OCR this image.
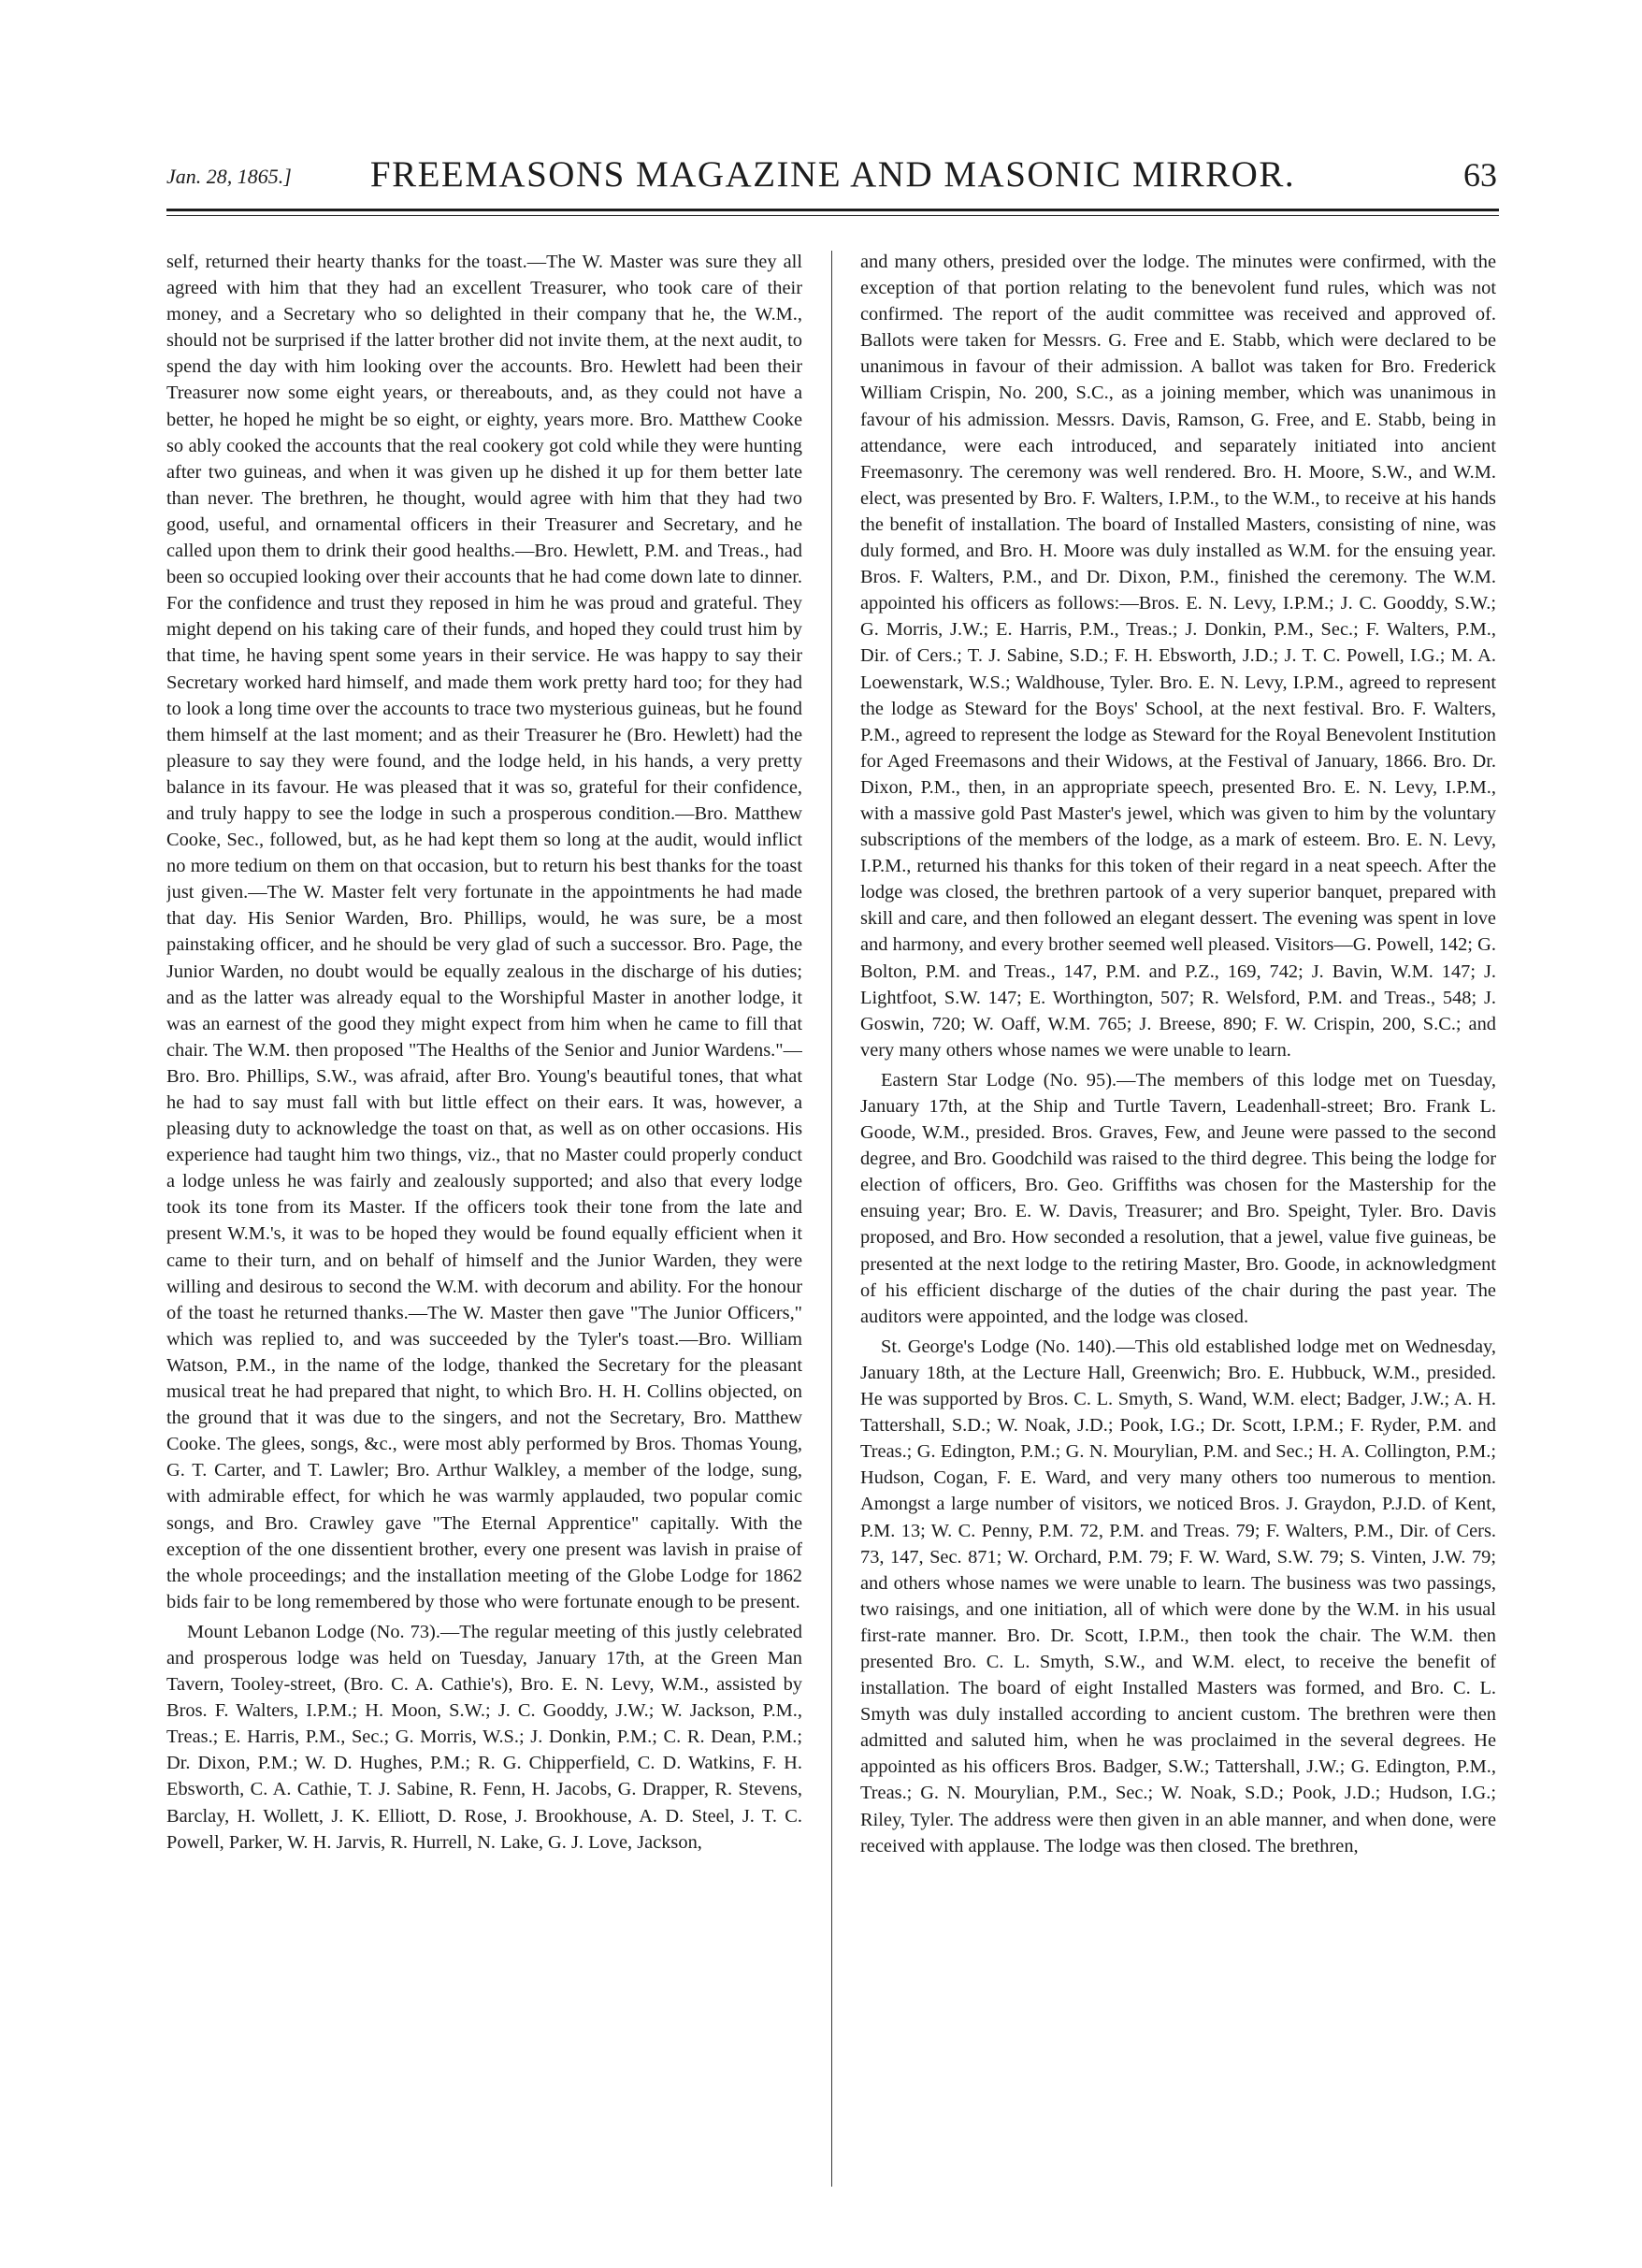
Jan. 28, 1865.]	FREEMASONS MAGAZINE AND MASONIC MIRROR.	63

self, returned their hearty thanks for the toast.—The W. Master was sure they all agreed with him that they had an excellent Treasurer, who took care of their money, and a Secretary who so delighted in their company that he, the W.M., should not be surprised if the latter brother did not invite them, at the next audit, to spend the day with him looking over the accounts. Bro. Hewlett had been their Treasurer now some eight years, or thereabouts, and, as they could not have a better, he hoped he might be so eight, or eighty, years more. Bro. Matthew Cooke so ably cooked the accounts that the real cookery got cold while they were hunting after two guineas, and when it was given up he dished it up for them better late than never. The brethren, he thought, would agree with him that they had two good, useful, and ornamental officers in their Treasurer and Secretary, and he called upon them to drink their good healths.—Bro. Hewlett, P.M. and Treas., had been so occupied looking over their accounts that he had come down late to dinner. For the confidence and trust they reposed in him he was proud and grateful. They might depend on his taking care of their funds, and hoped they could trust him by that time, he having spent some years in their service. He was happy to say their Secretary worked hard himself, and made them work pretty hard too; for they had to look a long time over the accounts to trace two mysterious guineas, but he found them himself at the last moment; and as their Treasurer he (Bro. Hewlett) had the pleasure to say they were found, and the lodge held, in his hands, a very pretty balance in its favour. He was pleased that it was so, grateful for their confidence, and truly happy to see the lodge in such a prosperous condition.—Bro. Matthew Cooke, Sec., followed, but, as he had kept them so long at the audit, would inflict no more tedium on them on that occasion, but to return his best thanks for the toast just given.—The W. Master felt very fortunate in the appointments he had made that day. His Senior Warden, Bro. Phillips, would, he was sure, be a most painstaking officer, and he should be very glad of such a successor. Bro. Page, the Junior Warden, no doubt would be equally zealous in the discharge of his duties; and as the latter was already equal to the Worshipful Master in another lodge, it was an earnest of the good they might expect from him when he came to fill that chair. The W.M. then proposed "The Healths of the Senior and Junior Wardens."—Bro. Bro. Phillips, S.W., was afraid, after Bro. Young's beautiful tones, that what he had to say must fall with but little effect on their ears. It was, however, a pleasing duty to acknowledge the toast on that, as well as on other occasions. His experience had taught him two things, viz., that no Master could properly conduct a lodge unless he was fairly and zealously supported; and also that every lodge took its tone from its Master. If the officers took their tone from the late and present W.M.'s, it was to be hoped they would be found equally efficient when it came to their turn, and on behalf of himself and the Junior Warden, they were willing and desirous to second the W.M. with decorum and ability. For the honour of the toast he returned thanks.—The W. Master then gave "The Junior Officers," which was replied to, and was succeeded by the Tyler's toast.—Bro. William Watson, P.M., in the name of the lodge, thanked the Secretary for the pleasant musical treat he had prepared that night, to which Bro. H. H. Collins objected, on the ground that it was due to the singers, and not the Secretary, Bro. Matthew Cooke. The glees, songs, &c., were most ably performed by Bros. Thomas Young, G. T. Carter, and T. Lawler; Bro. Arthur Walkley, a member of the lodge, sung, with admirable effect, for which he was warmly applauded, two popular comic songs, and Bro. Crawley gave "The Eternal Apprentice" capitally. With the exception of the one dissentient brother, every one present was lavish in praise of the whole proceedings; and the installation meeting of the Globe Lodge for 1862 bids fair to be long remembered by those who were fortunate enough to be present.

Mount Lebanon Lodge (No. 73).—The regular meeting of this justly celebrated and prosperous lodge was held on Tuesday, January 17th, at the Green Man Tavern, Tooley-street, (Bro. C. A. Cathie's), Bro. E. N. Levy, W.M., assisted by Bros. F. Walters, I.P.M.; H. Moon, S.W.; J. C. Gooddy, J.W.; W. Jackson, P.M., Treas.; E. Harris, P.M., Sec.; G. Morris, W.S.; J. Donkin, P.M.; C. R. Dean, P.M.; Dr. Dixon, P.M.; W. D. Hughes, P.M.; R. G. Chipperfield, C. D. Watkins, F. H. Ebsworth, C. A. Cathie, T. J. Sabine, R. Fenn, H. Jacobs, G. Drapper, R. Stevens, Barclay, H. Wollett, J. K. Elliott, D. Rose, J. Brookhouse, A. D. Steel, J. T. C. Powell, Parker, W. H. Jarvis, R. Hurrell, N. Lake, G. J. Love, Jackson,

and many others, presided over the lodge. The minutes were confirmed, with the exception of that portion relating to the benevolent fund rules, which was not confirmed. The report of the audit committee was received and approved of. Ballots were taken for Messrs. G. Free and E. Stabb, which were declared to be unanimous in favour of their admission. A ballot was taken for Bro. Frederick William Crispin, No. 200, S.C., as a joining member, which was unanimous in favour of his admission. Messrs. Davis, Ramson, G. Free, and E. Stabb, being in attendance, were each introduced, and separately initiated into ancient Freemasonry. The ceremony was well rendered. Bro. H. Moore, S.W., and W.M. elect, was presented by Bro. F. Walters, I.P.M., to the W.M., to receive at his hands the benefit of installation. The board of Installed Masters, consisting of nine, was duly formed, and Bro. H. Moore was duly installed as W.M. for the ensuing year. Bros. F. Walters, P.M., and Dr. Dixon, P.M., finished the ceremony. The W.M. appointed his officers as follows:—Bros. E. N. Levy, I.P.M.; J. C. Gooddy, S.W.; G. Morris, J.W.; E. Harris, P.M., Treas.; J. Donkin, P.M., Sec.; F. Walters, P.M., Dir. of Cers.; T. J. Sabine, S.D.; F. H. Ebsworth, J.D.; J. T. C. Powell, I.G.; M. A. Loewenstark, W.S.; Waldhouse, Tyler. Bro. E. N. Levy, I.P.M., agreed to represent the lodge as Steward for the Boys' School, at the next festival. Bro. F. Walters, P.M., agreed to represent the lodge as Steward for the Royal Benevolent Institution for Aged Freemasons and their Widows, at the Festival of January, 1866. Bro. Dr. Dixon, P.M., then, in an appropriate speech, presented Bro. E. N. Levy, I.P.M., with a massive gold Past Master's jewel, which was given to him by the voluntary subscriptions of the members of the lodge, as a mark of esteem. Bro. E. N. Levy, I.P.M., returned his thanks for this token of their regard in a neat speech. After the lodge was closed, the brethren partook of a very superior banquet, prepared with skill and care, and then followed an elegant dessert. The evening was spent in love and harmony, and every brother seemed well pleased. Visitors—G. Powell, 142; G. Bolton, P.M. and Treas., 147, P.M. and P.Z., 169, 742; J. Bavin, W.M. 147; J. Lightfoot, S.W. 147; E. Worthington, 507; R. Welsford, P.M. and Treas., 548; J. Goswin, 720; W. Oaff, W.M. 765; J. Breese, 890; F. W. Crispin, 200, S.C.; and very many others whose names we were unable to learn.

Eastern Star Lodge (No. 95).—The members of this lodge met on Tuesday, January 17th, at the Ship and Turtle Tavern, Leadenhall-street; Bro. Frank L. Goode, W.M., presided. Bros. Graves, Few, and Jeune were passed to the second degree, and Bro. Goodchild was raised to the third degree. This being the lodge for election of officers, Bro. Geo. Griffiths was chosen for the Mastership for the ensuing year; Bro. E. W. Davis, Treasurer; and Bro. Speight, Tyler. Bro. Davis proposed, and Bro. How seconded a resolution, that a jewel, value five guineas, be presented at the next lodge to the retiring Master, Bro. Goode, in acknowledgment of his efficient discharge of the duties of the chair during the past year. The auditors were appointed, and the lodge was closed.

St. George's Lodge (No. 140).—This old established lodge met on Wednesday, January 18th, at the Lecture Hall, Greenwich; Bro. E. Hubbuck, W.M., presided. He was supported by Bros. C. L. Smyth, S. Wand, W.M. elect; Badger, J.W.; A. H. Tattershall, S.D.; W. Noak, J.D.; Pook, I.G.; Dr. Scott, I.P.M.; F. Ryder, P.M. and Treas.; G. Edington, P.M.; G. N. Mourylian, P.M. and Sec.; H. A. Collington, P.M.; Hudson, Cogan, F. E. Ward, and very many others too numerous to mention. Amongst a large number of visitors, we noticed Bros. J. Graydon, P.J.D. of Kent, P.M. 13; W. C. Penny, P.M. 72, P.M. and Treas. 79; F. Walters, P.M., Dir. of Cers. 73, 147, Sec. 871; W. Orchard, P.M. 79; F. W. Ward, S.W. 79; S. Vinten, J.W. 79; and others whose names we were unable to learn. The business was two passings, two raisings, and one initiation, all of which were done by the W.M. in his usual first-rate manner. Bro. Dr. Scott, I.P.M., then took the chair. The W.M. then presented Bro. C. L. Smyth, S.W., and W.M. elect, to receive the benefit of installation. The board of eight Installed Masters was formed, and Bro. C. L. Smyth was duly installed according to ancient custom. The brethren were then admitted and saluted him, when he was proclaimed in the several degrees. He appointed as his officers Bros. Badger, S.W.; Tattershall, J.W.; G. Edington, P.M., Treas.; G. N. Mourylian, P.M., Sec.; W. Noak, S.D.; Pook, J.D.; Hudson, I.G.; Riley, Tyler. The address were then given in an able manner, and when done, were received with applause. The lodge was then closed. The brethren,
